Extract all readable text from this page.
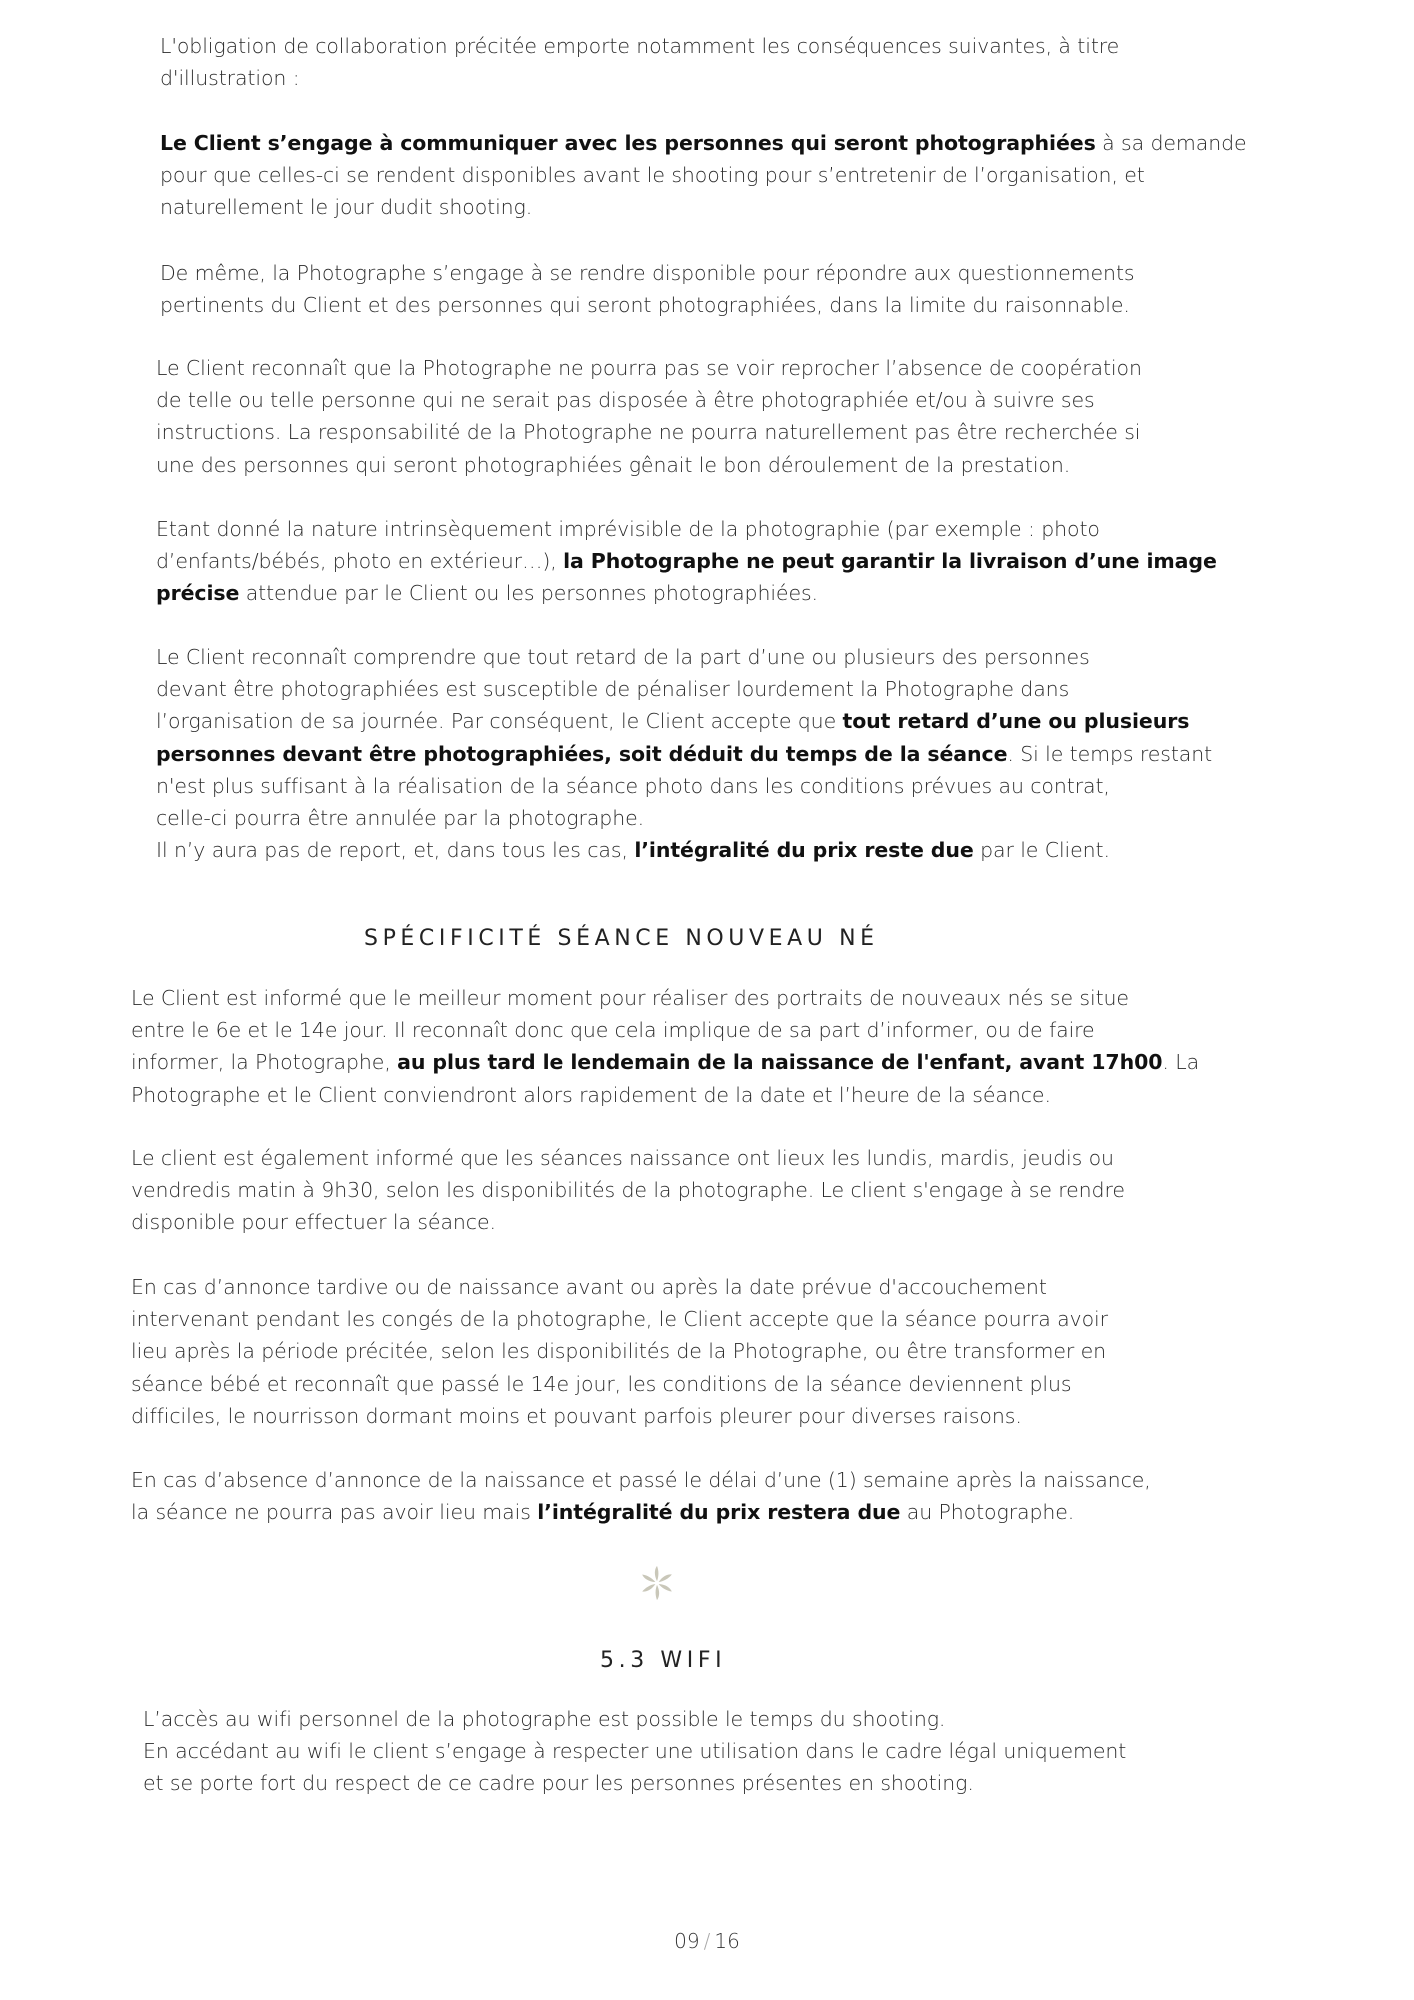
L'obligation de collaboration précitée emporte notamment les conséquences suivantes, à titre
d'illustration :

Le Client s’engage à communiquer avec les personnes qui seront photographiées à sa demande
pour que celles-ci se rendent disponibles avant le shooting pour s’entretenir de l’organisation, et
naturellement le jour dudit shooting.

De même, la Photographe s’engage à se rendre disponible pour répondre aux questionnements
pertinents du Client et des personnes qui seront photographiées, dans la limite du raisonnable.

Le Client reconnaît que la Photographe ne pourra pas se voir reprocher l’absence de coopération
de telle ou telle personne qui ne serait pas disposée à être photographiée et/ou à suivre ses
instructions. La responsabilité de la Photographe ne pourra naturellement pas être recherchée si
une des personnes qui seront photographiées gênait le bon déroulement de la prestation.

Etant donné la nature intrinsèquement imprévisible de la photographie (par exemple : photo
d’enfants/bébés, photo en extérieur…), la Photographe ne peut garantir la livraison d’une image
précise attendue par le Client ou les personnes photographiées.

Le Client reconnaît comprendre que tout retard de la part d’une ou plusieurs des personnes
devant être photographiées est susceptible de pénaliser lourdement la Photographe dans
l’organisation de sa journée. Par conséquent, le Client accepte que tout retard d’une ou plusieurs
personnes devant être photographiées, soit déduit du temps de la séance. Si le temps restant
n'est plus suffisant à la réalisation de la séance photo dans les conditions prévues au contrat,
celle-ci pourra être annulée par la photographe.
Il n’y aura pas de report, et, dans tous les cas, l’intégralité du prix reste due par le Client.

SPÉCIFICITÉ SÉANCE NOUVEAU NÉ

Le Client est informé que le meilleur moment pour réaliser des portraits de nouveaux nés se situe
entre le 6e et le 14e jour. Il reconnaît donc que cela implique de sa part d’informer, ou de faire
informer, la Photographe, au plus tard le lendemain de la naissance de l'enfant, avant 17h00. La
Photographe et le Client conviendront alors rapidement de la date et l’heure de la séance.

Le client est également informé que les séances naissance ont lieux les lundis, mardis, jeudis ou
vendredis matin à 9h30, selon les disponibilités de la photographe. Le client s'engage à se rendre
disponible pour effectuer la séance.

En cas d’annonce tardive ou de naissance avant ou après la date prévue d'accouchement
intervenant pendant les congés de la photographe, le Client accepte que la séance pourra avoir
lieu après la période précitée, selon les disponibilités de la Photographe, ou être transformer en
séance bébé et reconnaît que passé le 14e jour, les conditions de la séance deviennent plus
difficiles, le nourrisson dormant moins et pouvant parfois pleurer pour diverses raisons.

En cas d’absence d’annonce de la naissance et passé le délai d’une (1) semaine après la naissance,
la séance ne pourra pas avoir lieu mais l’intégralité du prix restera due au Photographe.

5.3 WIFI

L’accès au wifi personnel de la photographe est possible le temps du shooting.
En accédant au wifi le client s’engage à respecter une utilisation dans le cadre légal uniquement
et se porte fort du respect de ce cadre pour les personnes présentes en shooting.

09 / 16
